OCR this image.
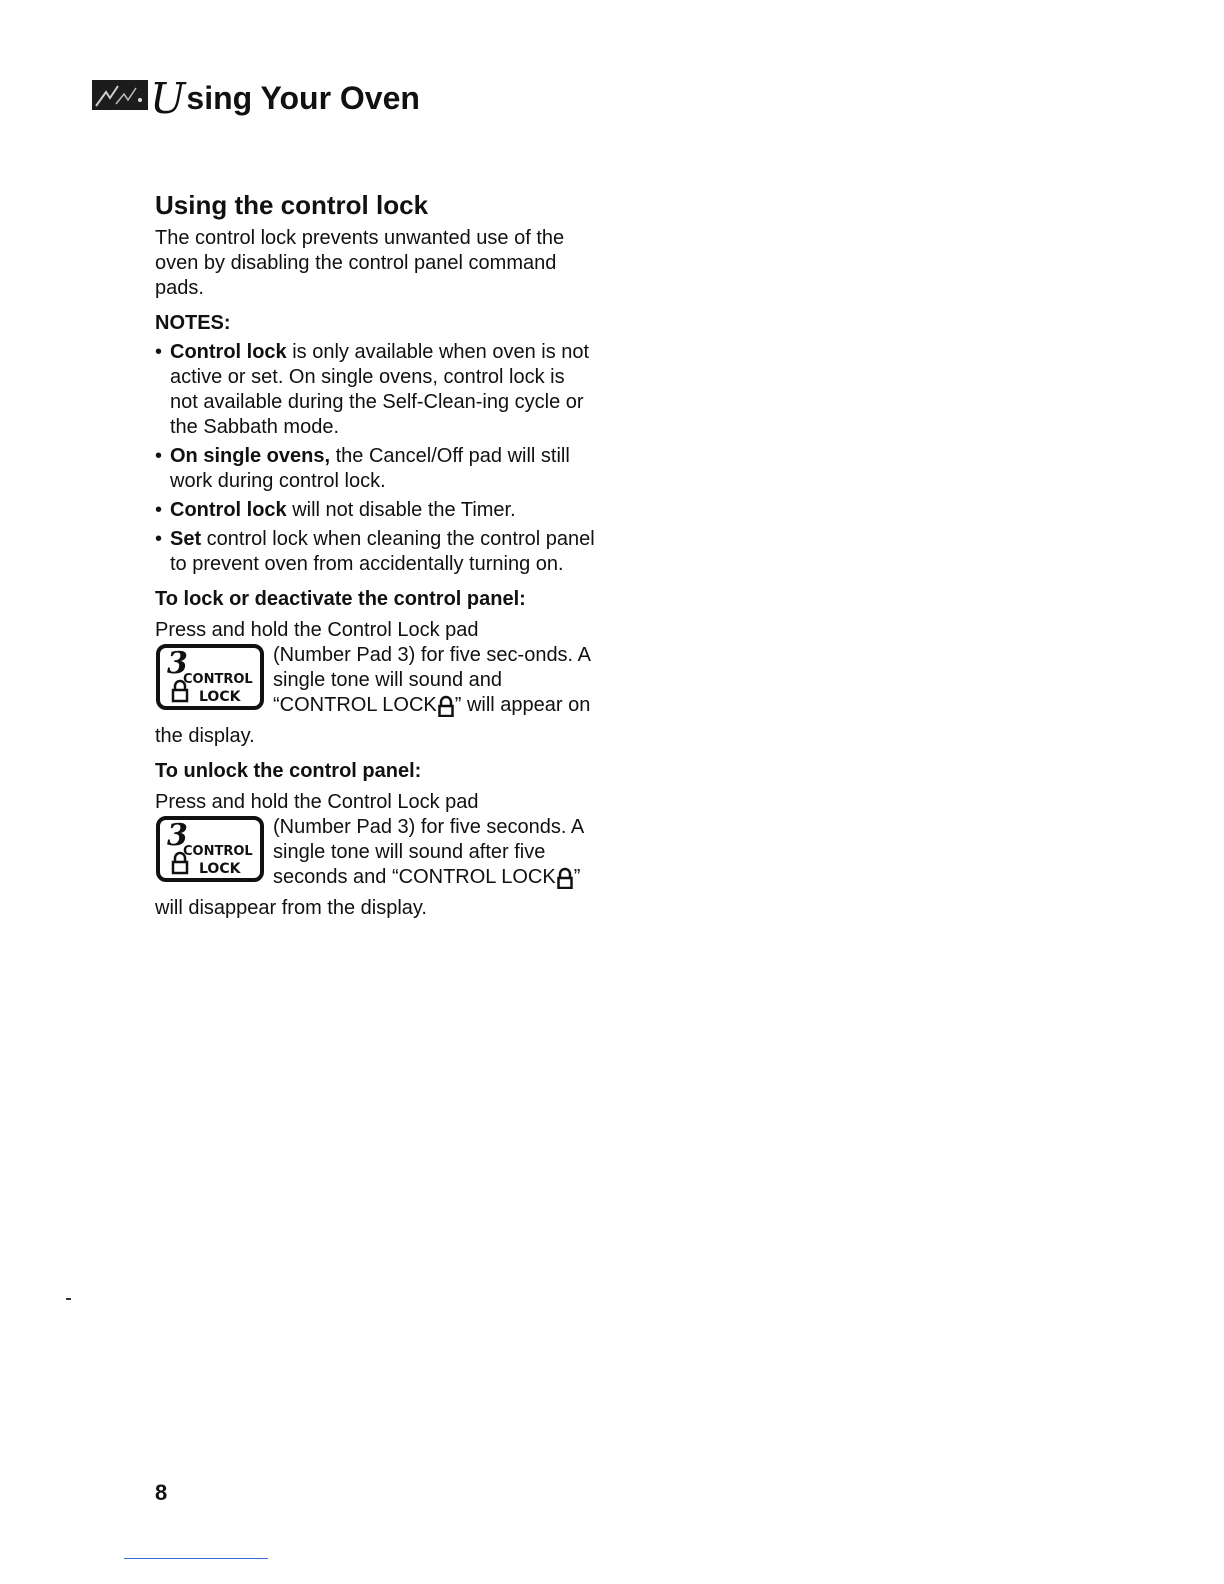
U sing Your Oven
Using the control lock

The control lock prevents unwanted use of the oven by disabling the control panel command pads.

NOTES:
• Control lock is only available when oven is not active or set. On single ovens, control lock is not available during the Self-Clean-ing cycle or the Sabbath mode.
• On single ovens, the Cancel/Off pad will still work during control lock.
• Control lock will not disable the Timer.
• Set control lock when cleaning the control panel to prevent oven from accidentally turning on.
To lock or deactivate the control panel:
Press and hold the Control Lock pad
3
CONTROL
LOCK
(Number Pad 3) for five sec-onds. A single tone will sound and “CONTROL LOCK ” will appear on the display.
To unlock the control panel:
Press and hold the Control Lock pad
3
CONTROL
LOCK
(Number Pad 3) for five seconds. A single tone will sound after five seconds and “CONTROL LOCK ” will disappear from the display.
8
